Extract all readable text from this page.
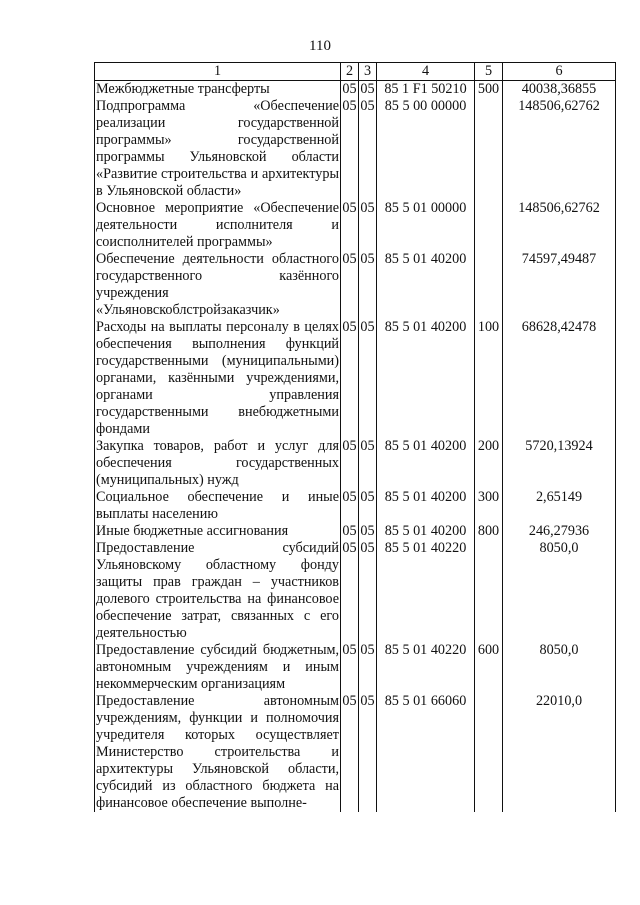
110
1	2	3	4	5	6
Межбюджетные трансферты	05	05	85 1 F1 50210	500	40038,36855
Подпрограмма «Обеспечение реализации государственной программы» государственной программы Ульяновской области «Развитие строительства и архитектуры в Ульяновской области»	05	05	85 5 00 00000		148506,62762
Основное мероприятие «Обеспечение деятельности исполнителя и соисполнителей программы»	05	05	85 5 01 00000		148506,62762
Обеспечение деятельности областного государственного казённого учреждения «Ульяновскоблстройзаказчик»	05	05	85 5 01 40200		74597,49487
Расходы на выплаты персоналу в целях обеспечения выполнения функций государственными (муниципальными) органами, казёнными учреждениями, органами управления государственными внебюджетными фондами	05	05	85 5 01 40200	100	68628,42478
Закупка товаров, работ и услуг для обеспечения государственных (муниципальных) нужд	05	05	85 5 01 40200	200	5720,13924
Социальное обеспечение и иные выплаты населению	05	05	85 5 01 40200	300	2,65149
Иные бюджетные ассигнования	05	05	85 5 01 40200	800	246,27936
Предоставление субсидий Ульяновскому областному фонду защиты прав граждан – участников долевого строительства на финансовое обеспечение затрат, связанных с его деятельностью	05	05	85 5 01 40220		8050,0
Предоставление субсидий бюджетным, автономным учреждениям и иным некоммерческим организациям	05	05	85 5 01 40220	600	8050,0
Предоставление автономным учреждениям, функции и полномочия учредителя которых осуществляет Министерство строительства и архитектуры Ульяновской области, субсидий из областного бюджета на финансовое обеспечение выполне-	05	05	85 5 01 66060		22010,0
